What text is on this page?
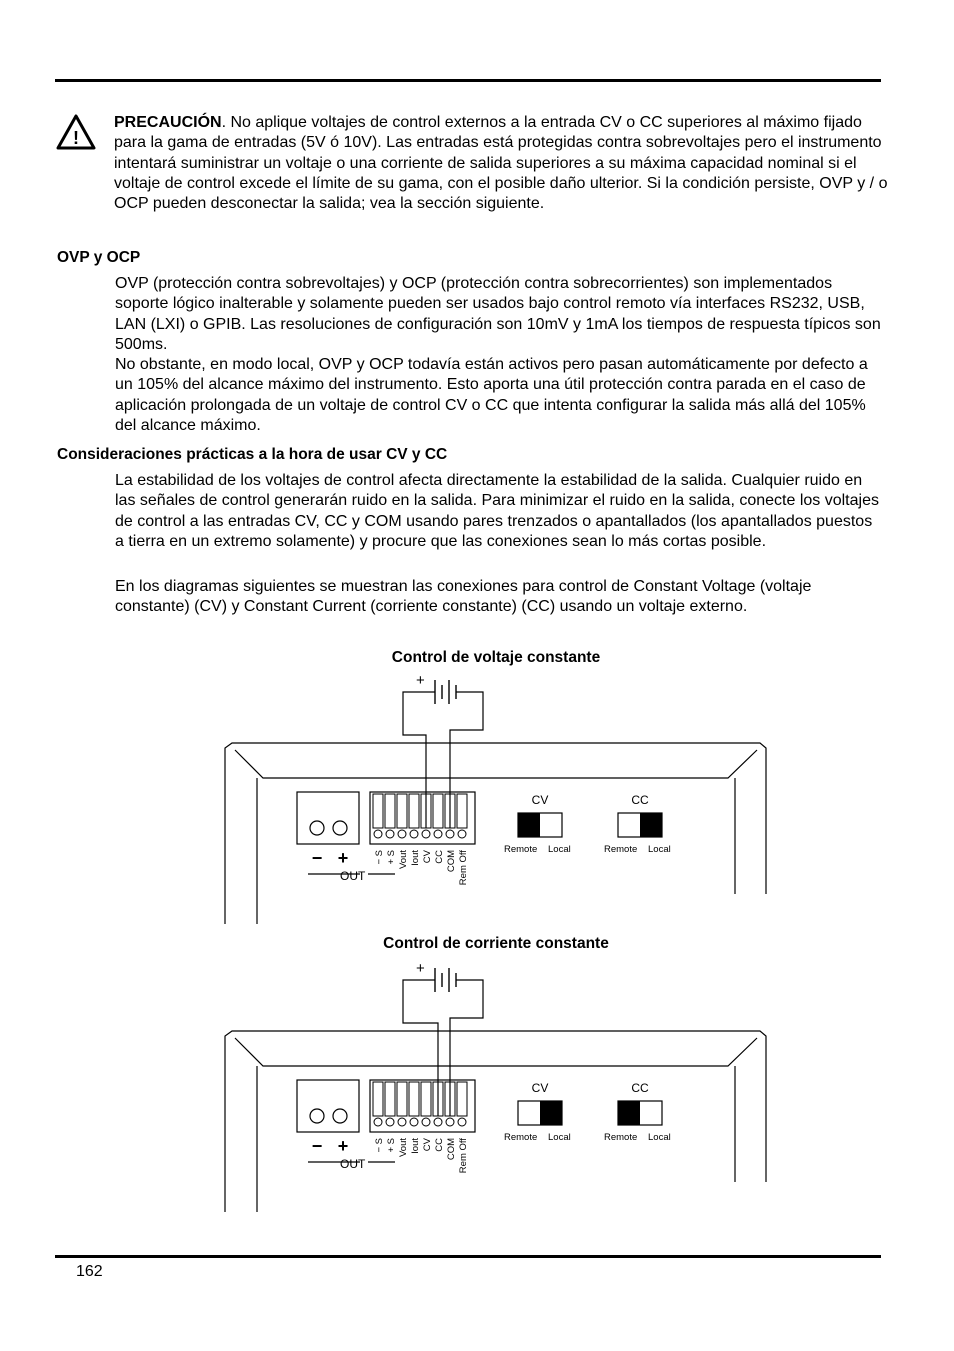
!
PRECAUCIÓN. No aplique voltajes de control externos a la entrada CV o CC superiores al máximo fijado para la gama de entradas (5V ó 10V). Las entradas está protegidas contra sobrevoltajes pero el instrumento intentará suministrar un voltaje o una corriente de salida superiores a su máxima capacidad nominal si el voltaje de control excede el límite de su gama, con el posible daño ulterior. Si la condición persiste, OVP y / o OCP pueden desconectar la salida; vea la sección siguiente.
OVP y OCP
OVP (protección contra sobrevoltajes) y OCP (protección contra sobrecorrientes) son implementados soporte lógico inalterable y solamente pueden ser usados bajo control remoto vía interfaces RS232, USB, LAN (LXI) o GPIB. Las resoluciones de configuración son 10mV y 1mA los tiempos de respuesta típicos son 500ms.
No obstante, en modo local, OVP y OCP todavía están activos pero pasan automáticamente por defecto a un 105% del alcance máximo del instrumento. Esto aporta una útil protección contra parada en el caso de aplicación prolongada de un voltaje de control CV o CC que intenta configurar la salida más allá del 105% del alcance máximo.
Consideraciones prácticas a la hora de usar CV y CC
La estabilidad de los voltajes de control afecta directamente la estabilidad de la salida. Cualquier ruido en las señales de control generarán ruido en la salida. Para minimizar el ruido en la salida, conecte los voltajes de control a las entradas CV, CC y COM usando pares trenzados o apantallados (los apantallados puestos a tierra en un extremo solamente) y procure que las conexiones sean lo más cortas posible.
En los diagramas siguientes se muestran las conexiones para control de Constant Voltage (voltaje constante) (CV) y Constant Current (corriente constante) (CC) usando un voltaje externo.
Control de voltaje constante
+
− +
OUT
− S + S Vout Iout CV CC COM Rem Off
CV
Remote Local
CC
Remote Local
Control de corriente constante
+
− +
OUT
− S + S Vout Iout CV CC COM Rem Off
CV
Remote Local
CC
Remote Local
162
